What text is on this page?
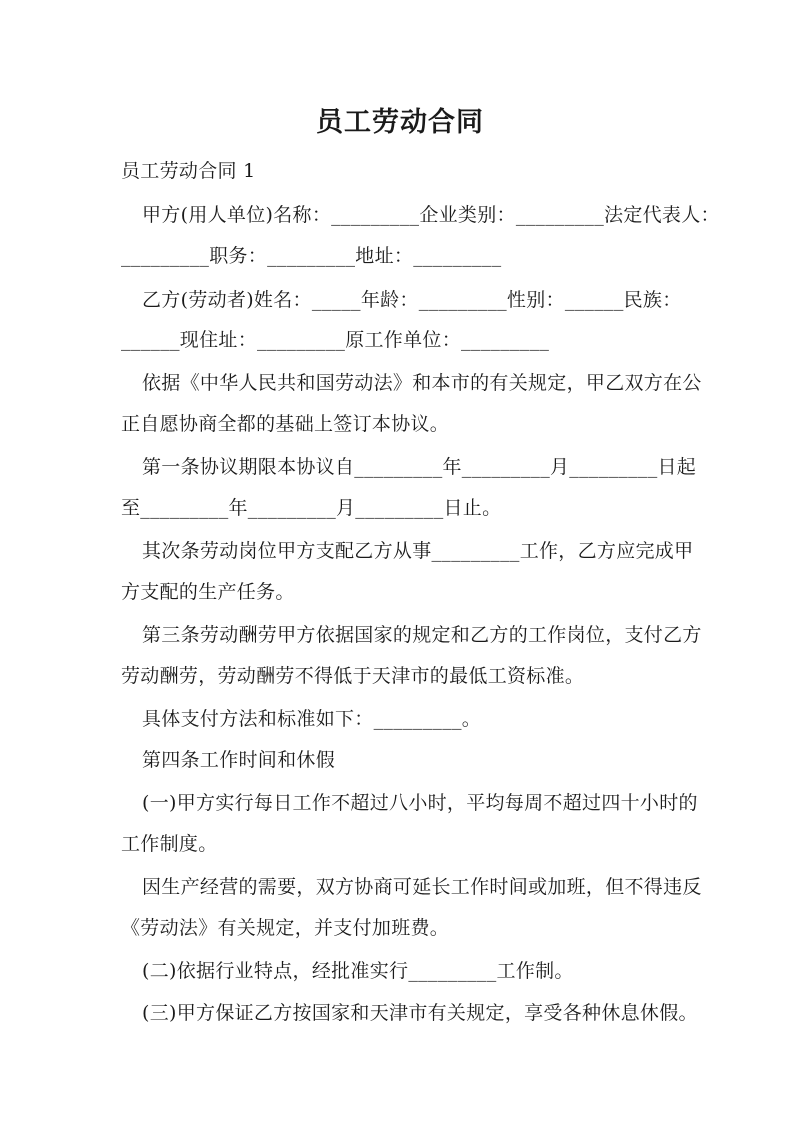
员工劳动合同
员工劳动合同 1
甲方(用人单位)名称：_________企业类别：_________法定代表人：
_________职务：_________地址：_________
乙方(劳动者)姓名：_____年龄：_________性别：______民族：
______现住址：_________原工作单位：_________
依据《中华人民共和国劳动法》和本市的有关规定，甲乙双方在公
正自愿协商全都的基础上签订本协议。
第一条协议期限本协议自_________年_________月_________日起
至_________年_________月_________日止。
其次条劳动岗位甲方支配乙方从事_________工作，乙方应完成甲
方支配的生产任务。
第三条劳动酬劳甲方依据国家的规定和乙方的工作岗位，支付乙方
劳动酬劳，劳动酬劳不得低于天津市的最低工资标准。
具体支付方法和标准如下：_________。
第四条工作时间和休假
(一)甲方实行每日工作不超过八小时，平均每周不超过四十小时的
工作制度。
因生产经营的需要，双方协商可延长工作时间或加班，但不得违反
《劳动法》有关规定，并支付加班费。
(二)依据行业特点，经批准实行_________工作制。
(三)甲方保证乙方按国家和天津市有关规定，享受各种休息休假。
